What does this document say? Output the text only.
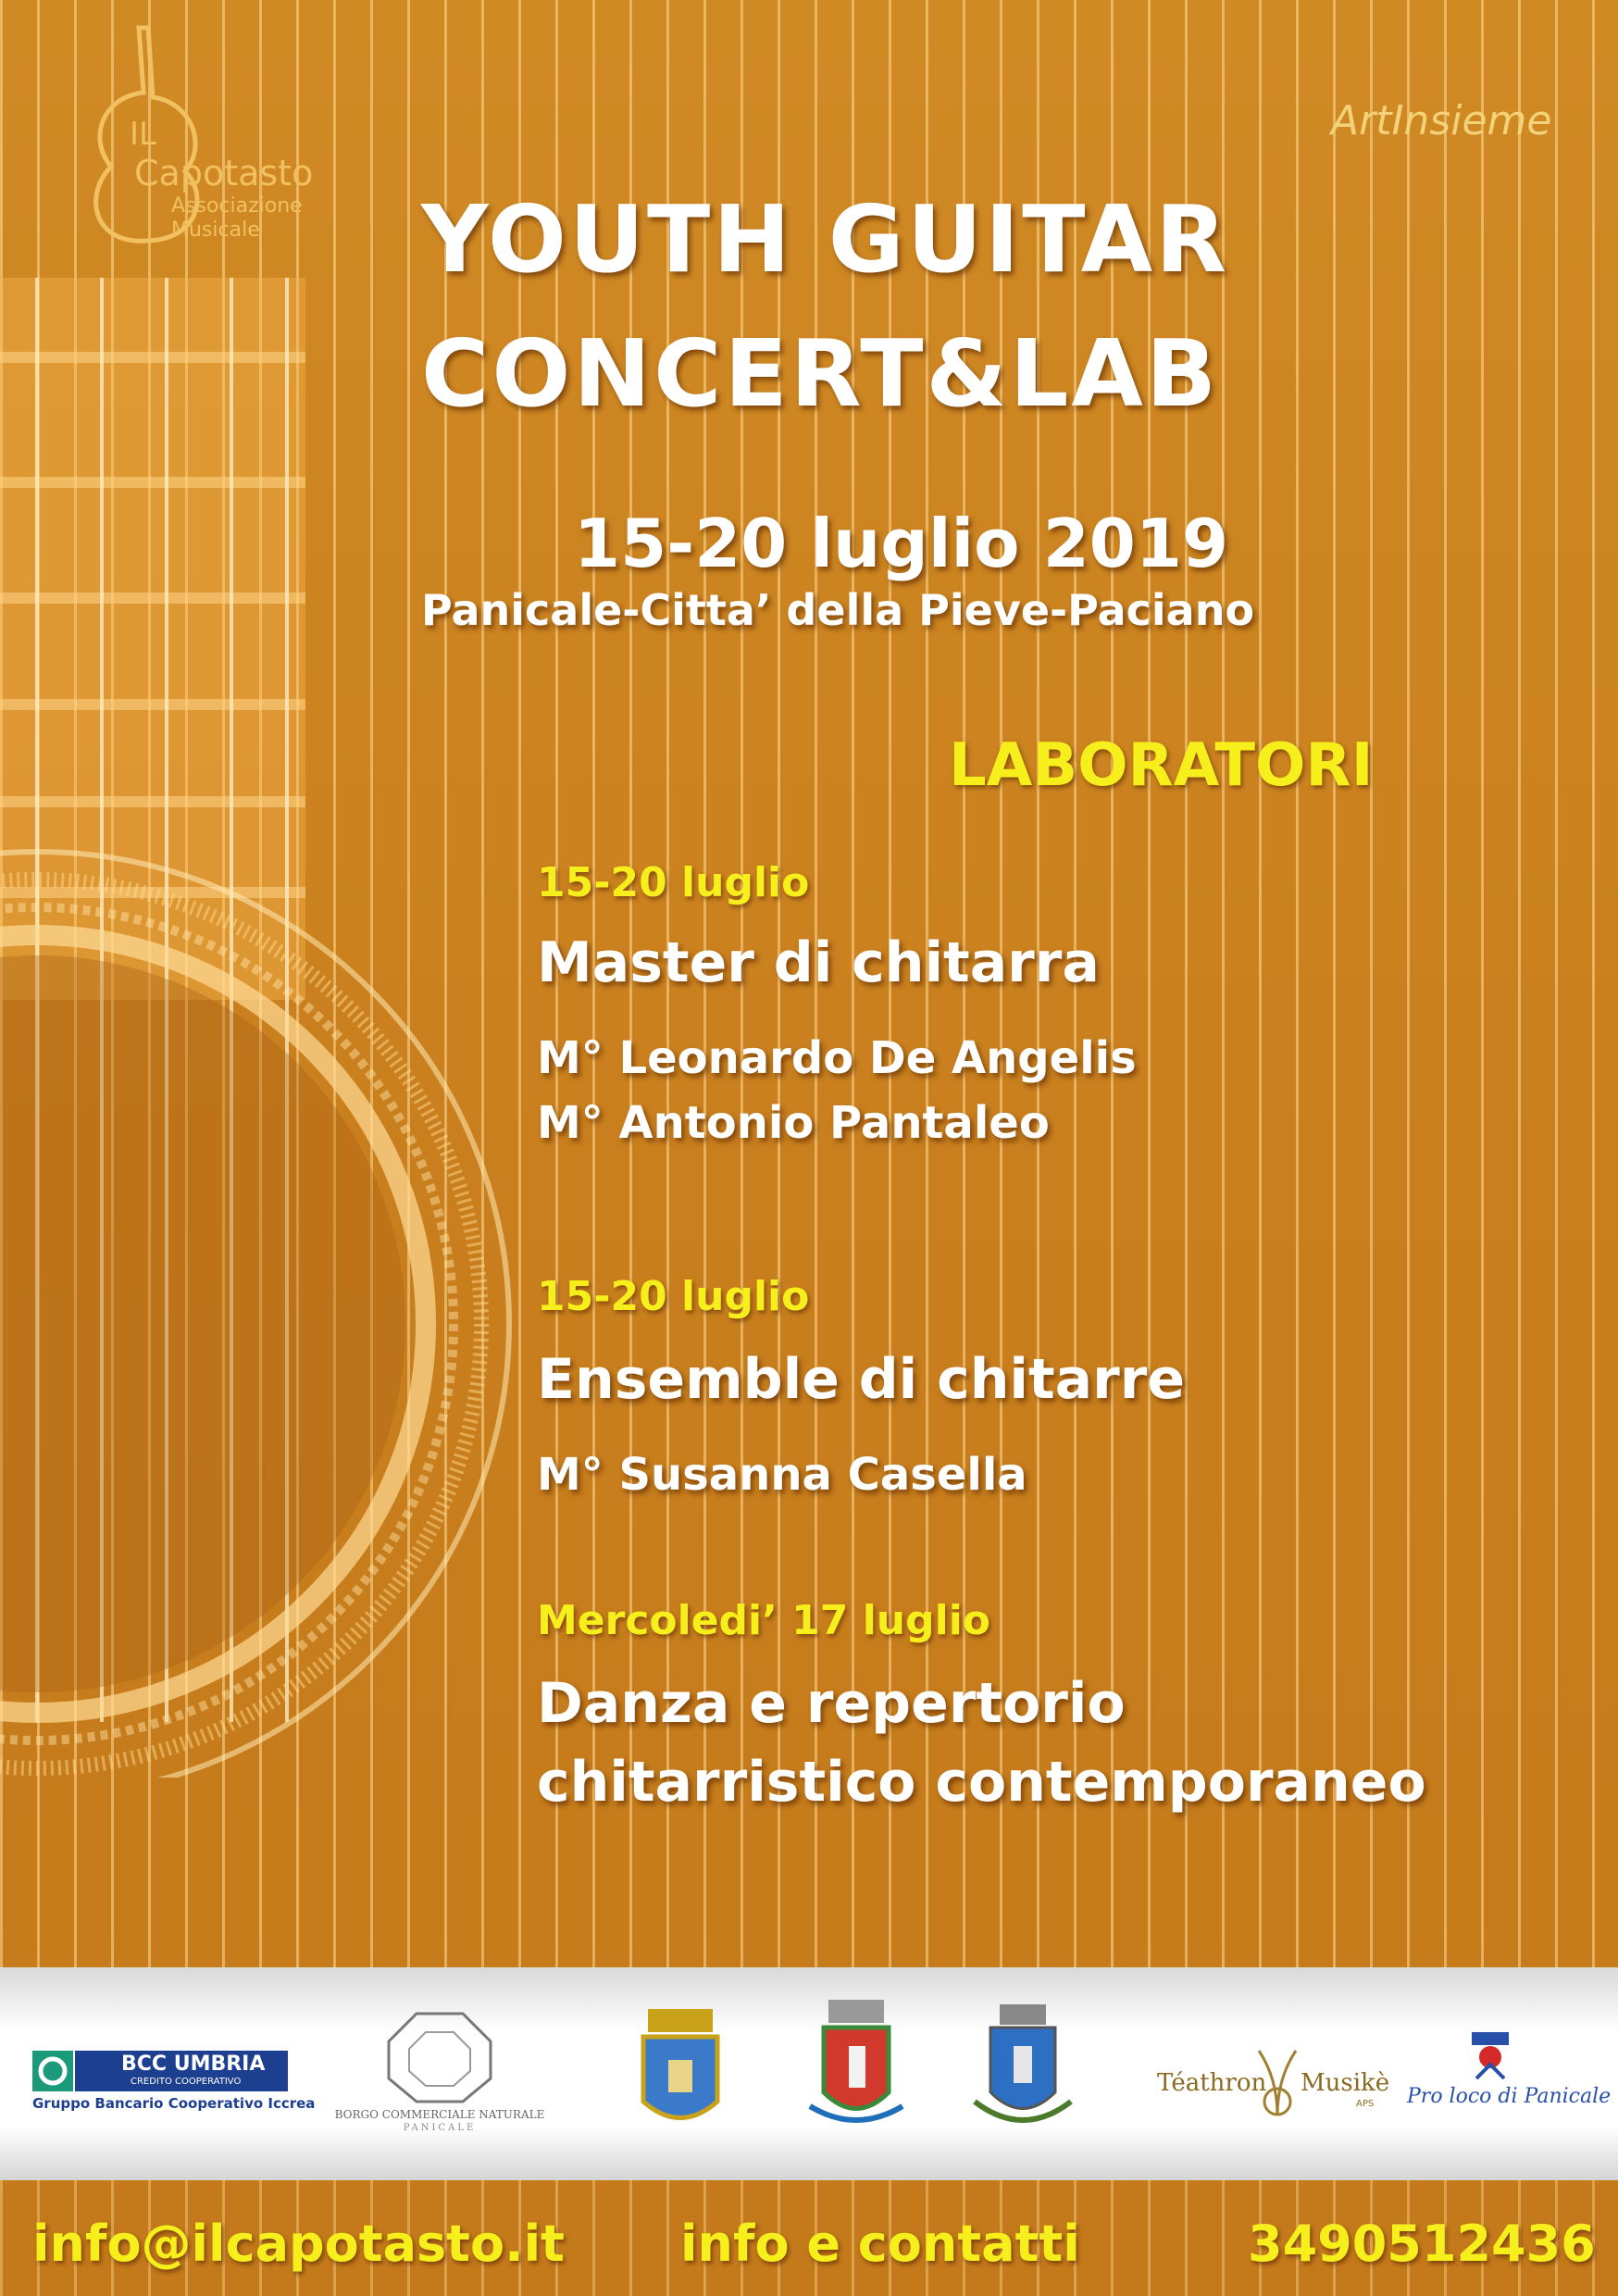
IL
Capotasto
Associazione
Musicale
ArtInsieme
YOUTH GUITAR
CONCERT&LAB
15-20 luglio 2019
Panicale-Citta’ della Pieve-Paciano
LABORATORI
15-20 luglio
Master di chitarra
M° Leonardo De Angelis
M° Antonio Pantaleo
15-20 luglio
Ensemble di chitarre
M° Susanna Casella
Mercoledi’ 17 luglio
Danza e repertorio
chitarristico contemporaneo
BCC UMBRIA
CREDITO COOPERATIVO
Gruppo Bancario Cooperativo Iccrea
BORGO COMMERCIALE NATURALE
PANICALE
Téathron Musikè
APS Pro loco di Panicale
info@ilcapotasto.it info e contatti	3490512436
